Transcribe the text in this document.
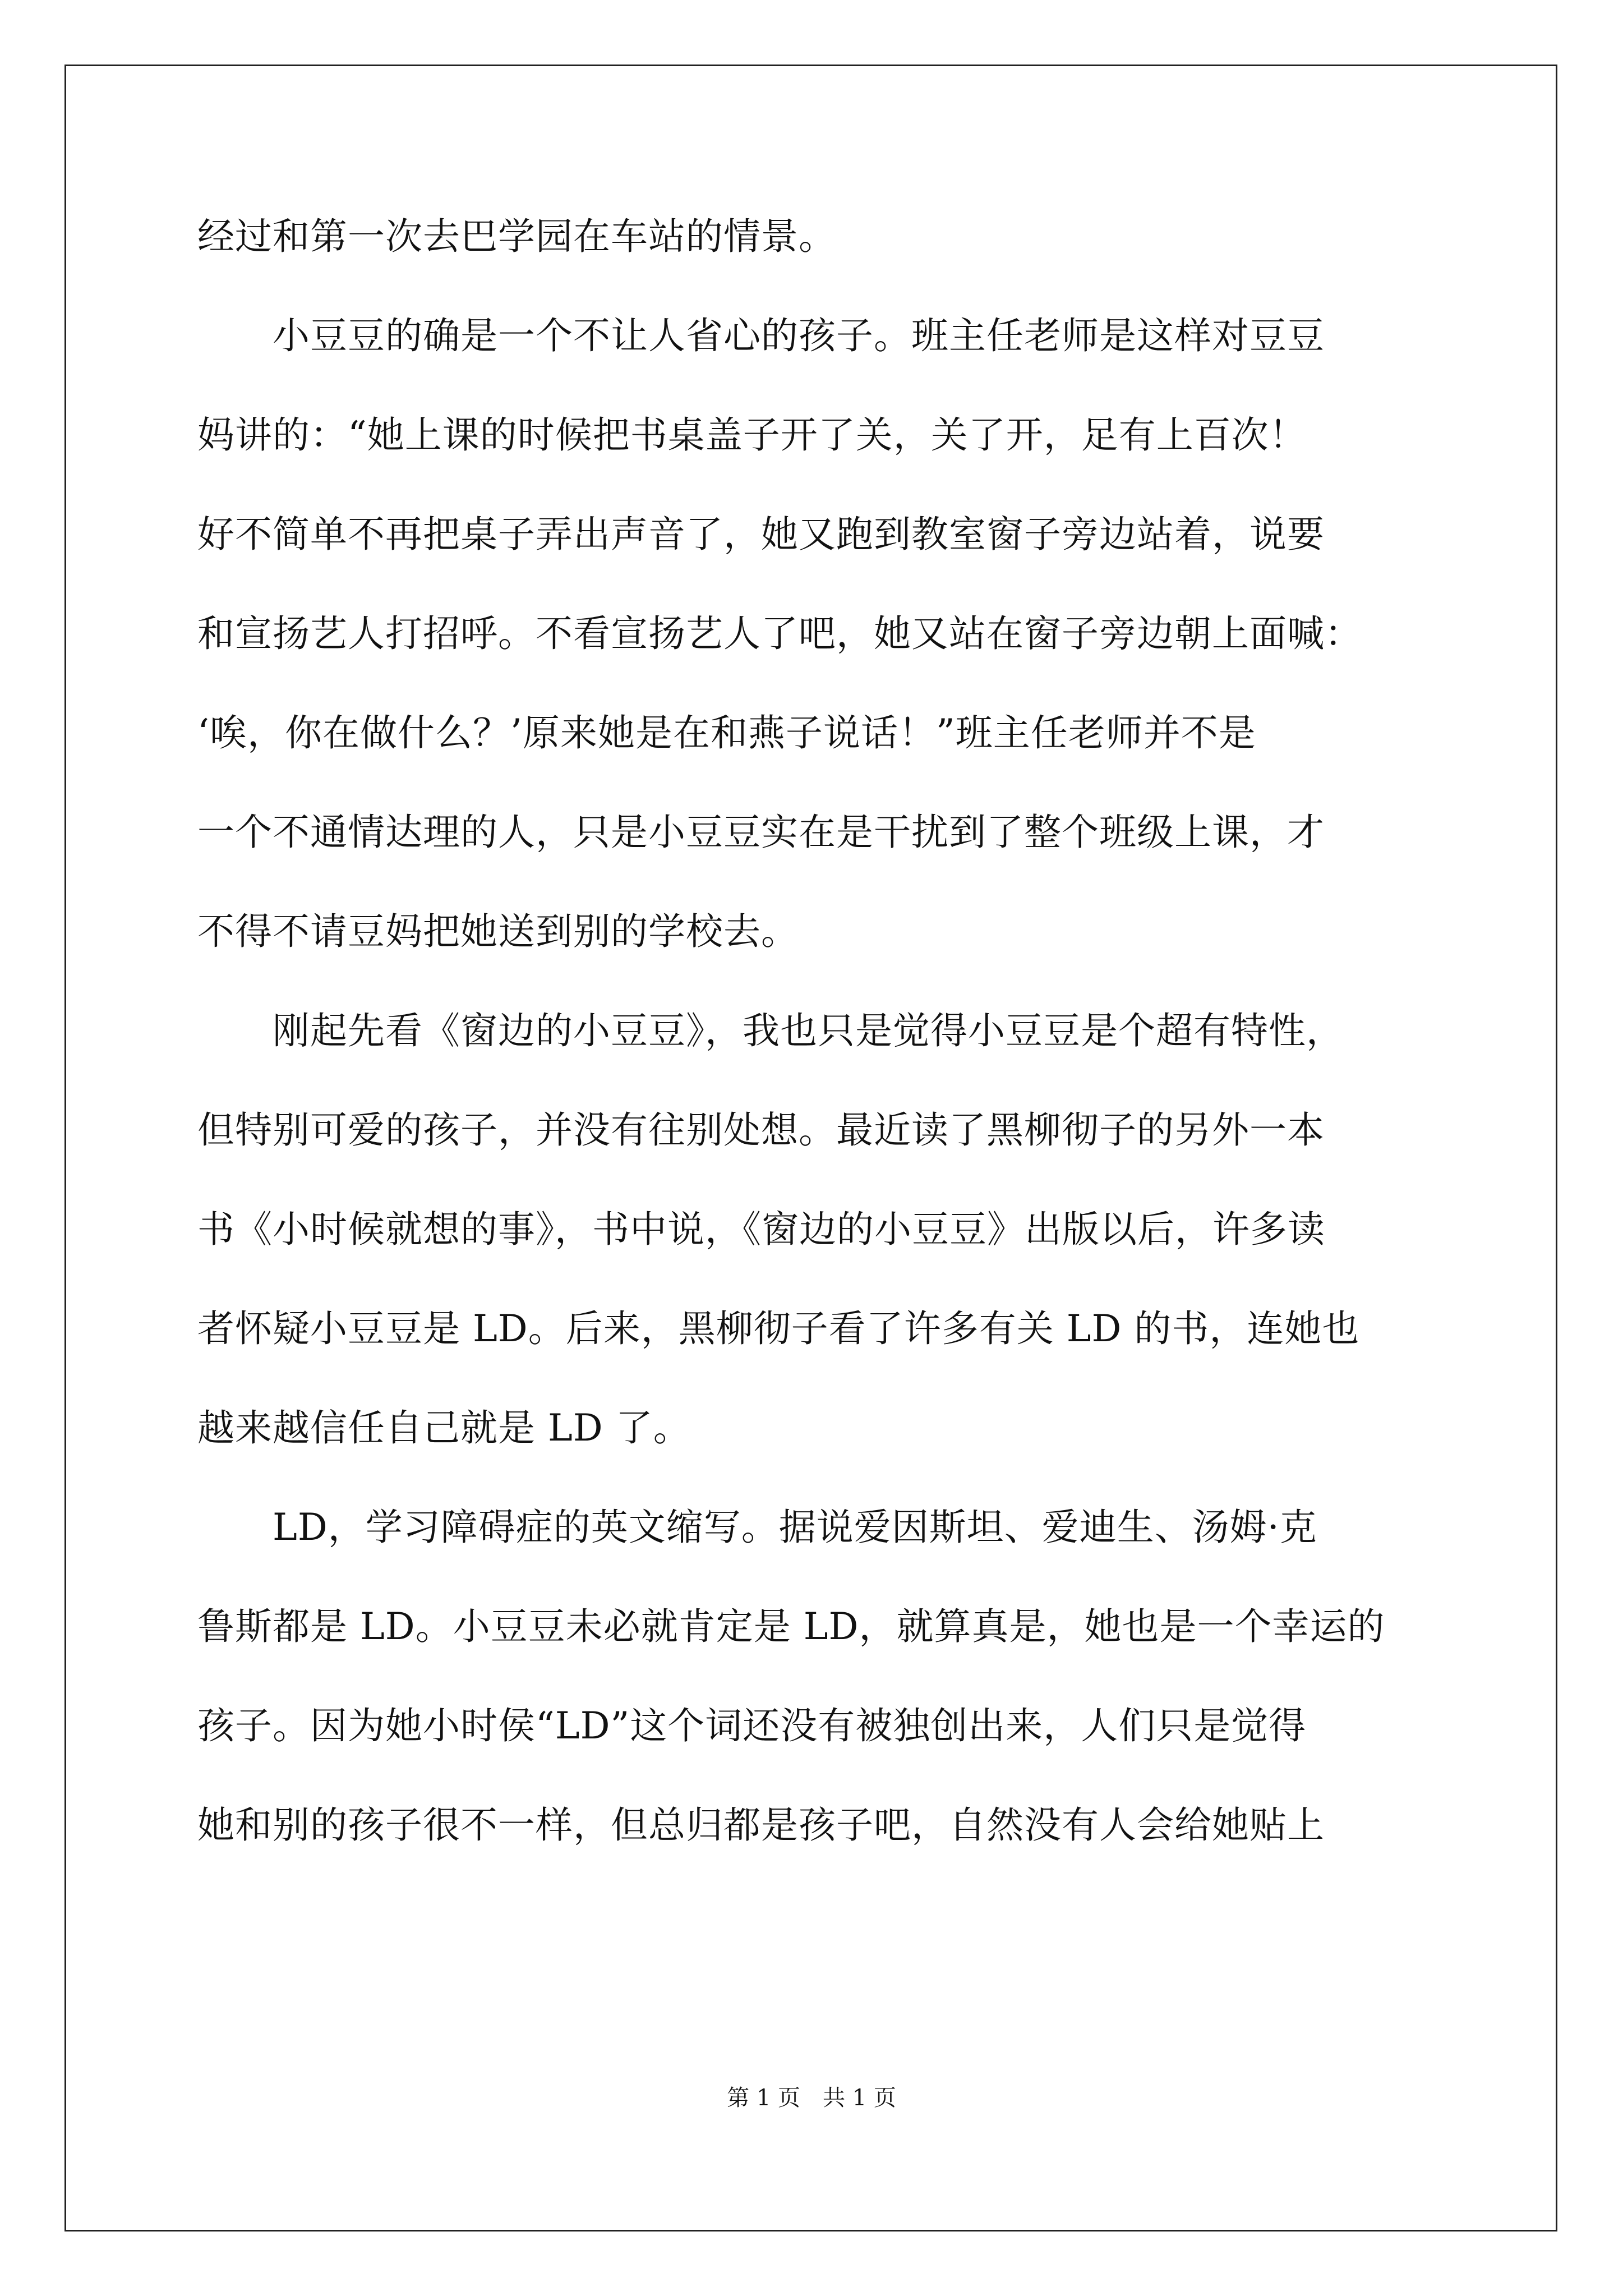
经过和第一次去巴学园在车站的情景。
　　小豆豆的确是一个不让人省心的孩子。班主任老师是这样对豆豆
妈讲的：“她上课的时候把书桌盖子开了关，关了开，足有上百次！
好不简单不再把桌子弄出声音了，她又跑到教室窗子旁边站着，说要
和宣扬艺人打招呼。不看宣扬艺人了吧，她又站在窗子旁边朝上面喊：
‘唉，你在做什么？’原来她是在和燕子说话！”班主任老师并不是
一个不通情达理的人，只是小豆豆实在是干扰到了整个班级上课，才
不得不请豆妈把她送到别的学校去。
　　刚起先看《窗边的小豆豆》，我也只是觉得小豆豆是个超有特性，
但特别可爱的孩子，并没有往别处想。最近读了黑柳彻子的另外一本
书《小时候就想的事》，书中说，《窗边的小豆豆》出版以后，许多读
者怀疑小豆豆是 LD。后来，黑柳彻子看了许多有关 LD 的书，连她也
越来越信任自己就是 LD 了。
　　LD，学习障碍症的英文缩写。据说爱因斯坦、爱迪生、汤姆·克
鲁斯都是 LD。小豆豆未必就肯定是 LD，就算真是，她也是一个幸运的
孩子。因为她小时侯“LD”这个词还没有被独创出来，人们只是觉得
她和别的孩子很不一样，但总归都是孩子吧，自然没有人会给她贴上
第 1 页　共 1 页
